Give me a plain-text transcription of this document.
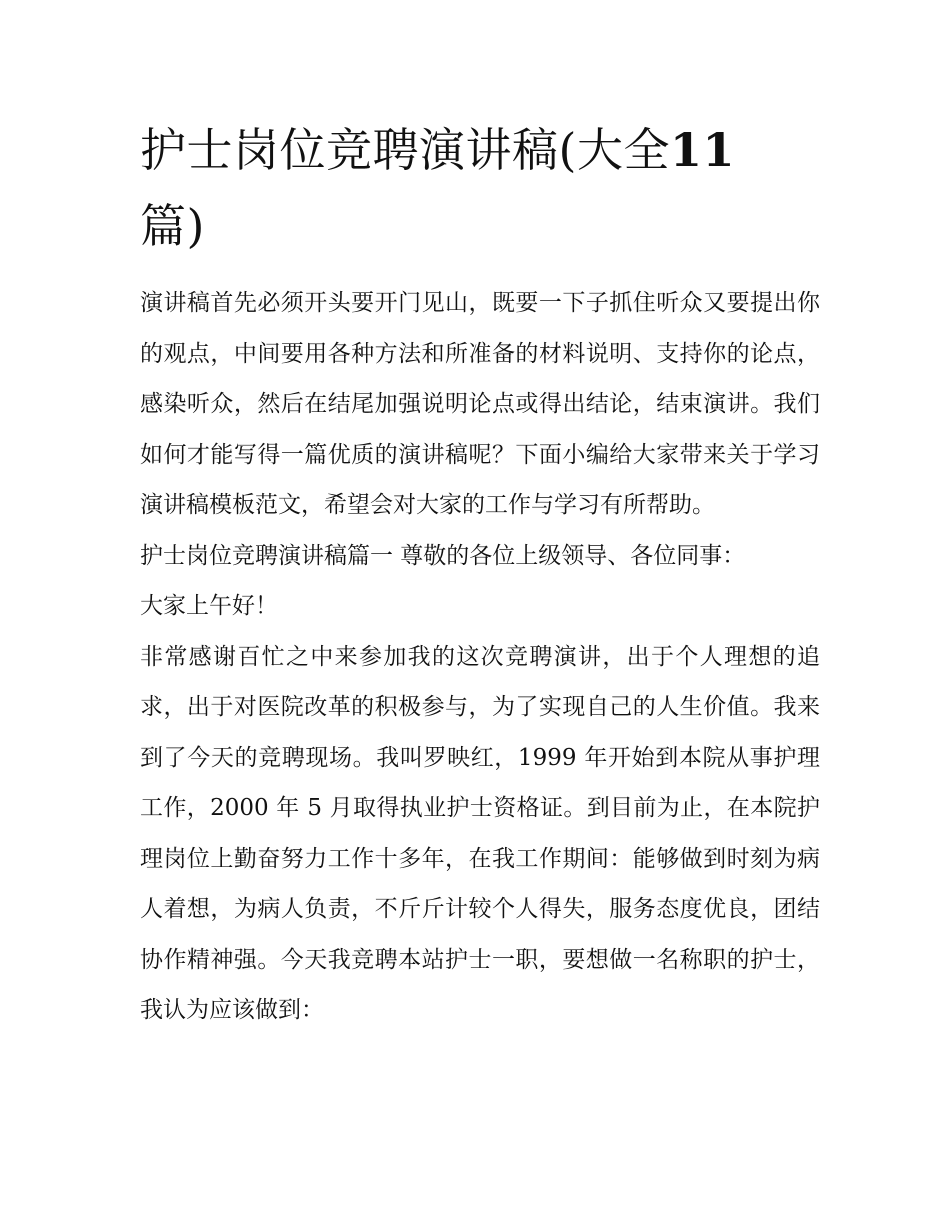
护士岗位竞聘演讲稿(大全11
篇)

演讲稿首先必须开头要开门见山，既要一下子抓住听众又要提出你的观点，中间要用各种方法和所准备的材料说明、支持你的论点，感染听众，然后在结尾加强说明论点或得出结论，结束演讲。我们如何才能写得一篇优质的演讲稿呢？下面小编给大家带来关于学习演讲稿模板范文，希望会对大家的工作与学习有所帮助。

护士岗位竞聘演讲稿篇一 尊敬的各位上级领导、各位同事：

大家上午好！

非常感谢百忙之中来参加我的这次竞聘演讲，出于个人理想的追求，出于对医院改革的积极参与，为了实现自己的人生价值。我来到了今天的竞聘现场。我叫罗映红，1999 年开始到本院从事护理工作，2000 年 5 月取得执业护士资格证。到目前为止，在本院护理岗位上勤奋努力工作十多年，在我工作期间：能够做到时刻为病人着想，为病人负责，不斤斤计较个人得失，服务态度优良，团结协作精神强。今天我竞聘本站护士一职，要想做一名称职的护士，我认为应该做到：
